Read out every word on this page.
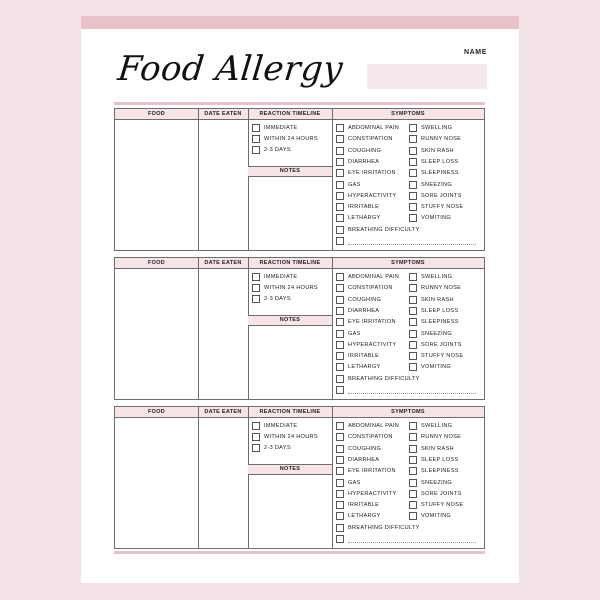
Food Allergy	NAME
FOOD	DATE EATEN	REACTION TIMELINE	SYMPTOMS
IMMEDIATE
WITHIN 24 HOURS
2-3 DAYS
NOTES
ABDOMINAL PAIN
CONSTIPATION
COUGHING
DIARRHEA
EYE IRRITATION
GAS
HYPERACTIVITY
IRRITABLE
LETHARGY
BREATHING DIFFICULTY
SWELLING
RUNNY NOSE
SKIN RASH
SLEEP LOSS
SLEEPINESS
SNEEZING
SORE JOINTS
STUFFY NOSE
VOMITING
FOOD	DATE EATEN	REACTION TIMELINE	SYMPTOMS
IMMEDIATE
WITHIN 24 HOURS
2-3 DAYS
NOTES
ABDOMINAL PAIN
CONSTIPATION
COUGHING
DIARRHEA
EYE IRRITATION
GAS
HYPERACTIVITY
IRRITABLE
LETHARGY
BREATHING DIFFICULTY
SWELLING
RUNNY NOSE
SKIN RASH
SLEEP LOSS
SLEEPINESS
SNEEZING
SORE JOINTS
STUFFY NOSE
VOMITING
FOOD	DATE EATEN	REACTION TIMELINE	SYMPTOMS
IMMEDIATE
WITHIN 24 HOURS
2-3 DAYS
NOTES
ABDOMINAL PAIN
CONSTIPATION
COUGHING
DIARRHEA
EYE IRRITATION
GAS
HYPERACTIVITY
IRRITABLE
LETHARGY
BREATHING DIFFICULTY
SWELLING
RUNNY NOSE
SKIN RASH
SLEEP LOSS
SLEEPINESS
SNEEZING
SORE JOINTS
STUFFY NOSE
VOMITING
